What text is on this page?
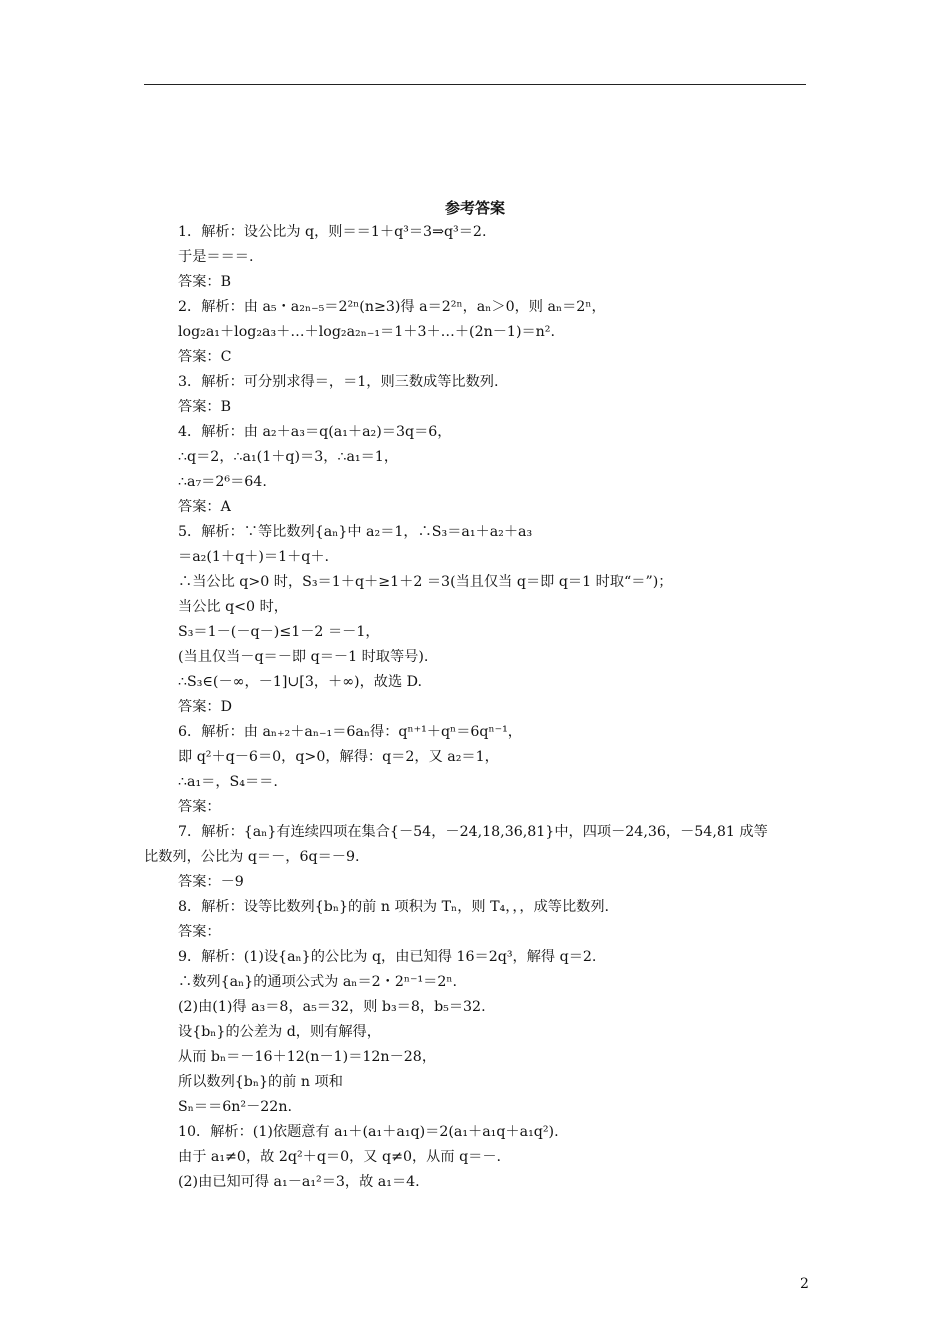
参考答案
1．解析：设公比为 q，则＝＝1＋q³＝3⇒q³＝2.
于是＝＝＝.
答案：B
2．解析：由 a₅・a₂ₙ₋₅＝2²ⁿ(n≥3)得 a＝2²ⁿ，aₙ＞0，则 aₙ＝2ⁿ，
log₂a₁＋log₂a₃＋…＋log₂a₂ₙ₋₁＝1＋3＋…＋(2n－1)＝n².
答案：C
3．解析：可分别求得＝，＝1，则三数成等比数列.
答案：B
4．解析：由 a₂＋a₃＝q(a₁＋a₂)＝3q＝6，
∴q＝2，∴a₁(1＋q)＝3，∴a₁＝1，
∴a₇＝2⁶＝64.
答案：A
5．解析：∵等比数列{aₙ}中 a₂＝1，∴S₃＝a₁＋a₂＋a₃
＝a₂(1＋q＋)＝1＋q＋.
∴当公比 q>0 时，S₃＝1＋q＋≥1＋2 ＝3(当且仅当 q＝即 q＝1 时取“＝”)；
当公比 q<0 时，
S₃＝1－(－q－)≤1－2 ＝－1，
(当且仅当－q＝－即 q＝－1 时取等号).
∴S₃∈(－∞，－1]∪[3，＋∞)，故选 D.
答案：D
6．解析：由 aₙ₊₂＋aₙ₋₁＝6aₙ得：qⁿ⁺¹＋qⁿ＝6qⁿ⁻¹，
即 q²＋q－6＝0，q>0，解得：q＝2，又 a₂＝1，
∴a₁＝，S₄＝＝.
答案：
7．解析：{aₙ}有连续四项在集合{－54，－24,18,36,81}中，四项－24,36，－54,81 成等
比数列，公比为 q＝－，6q＝－9.
答案：－9
8．解析：设等比数列{bₙ}的前 n 项积为 Tₙ，则 T₄，，，成等比数列.
答案：
9．解析：(1)设{aₙ}的公比为 q，由已知得 16＝2q³，解得 q＝2.
∴数列{aₙ}的通项公式为 aₙ＝2・2ⁿ⁻¹＝2ⁿ.
(2)由(1)得 a₃＝8，a₅＝32，则 b₃＝8，b₅＝32.
设{bₙ}的公差为 d，则有解得，
从而 bₙ＝－16＋12(n－1)＝12n－28，
所以数列{bₙ}的前 n 项和
Sₙ＝＝6n²－22n.
10．解析：(1)依题意有 a₁＋(a₁＋a₁q)＝2(a₁＋a₁q＋a₁q²).
由于 a₁≠0，故 2q²＋q＝0，又 q≠0，从而 q＝－.
(2)由已知可得 a₁－a₁²＝3，故 a₁＝4.
2
